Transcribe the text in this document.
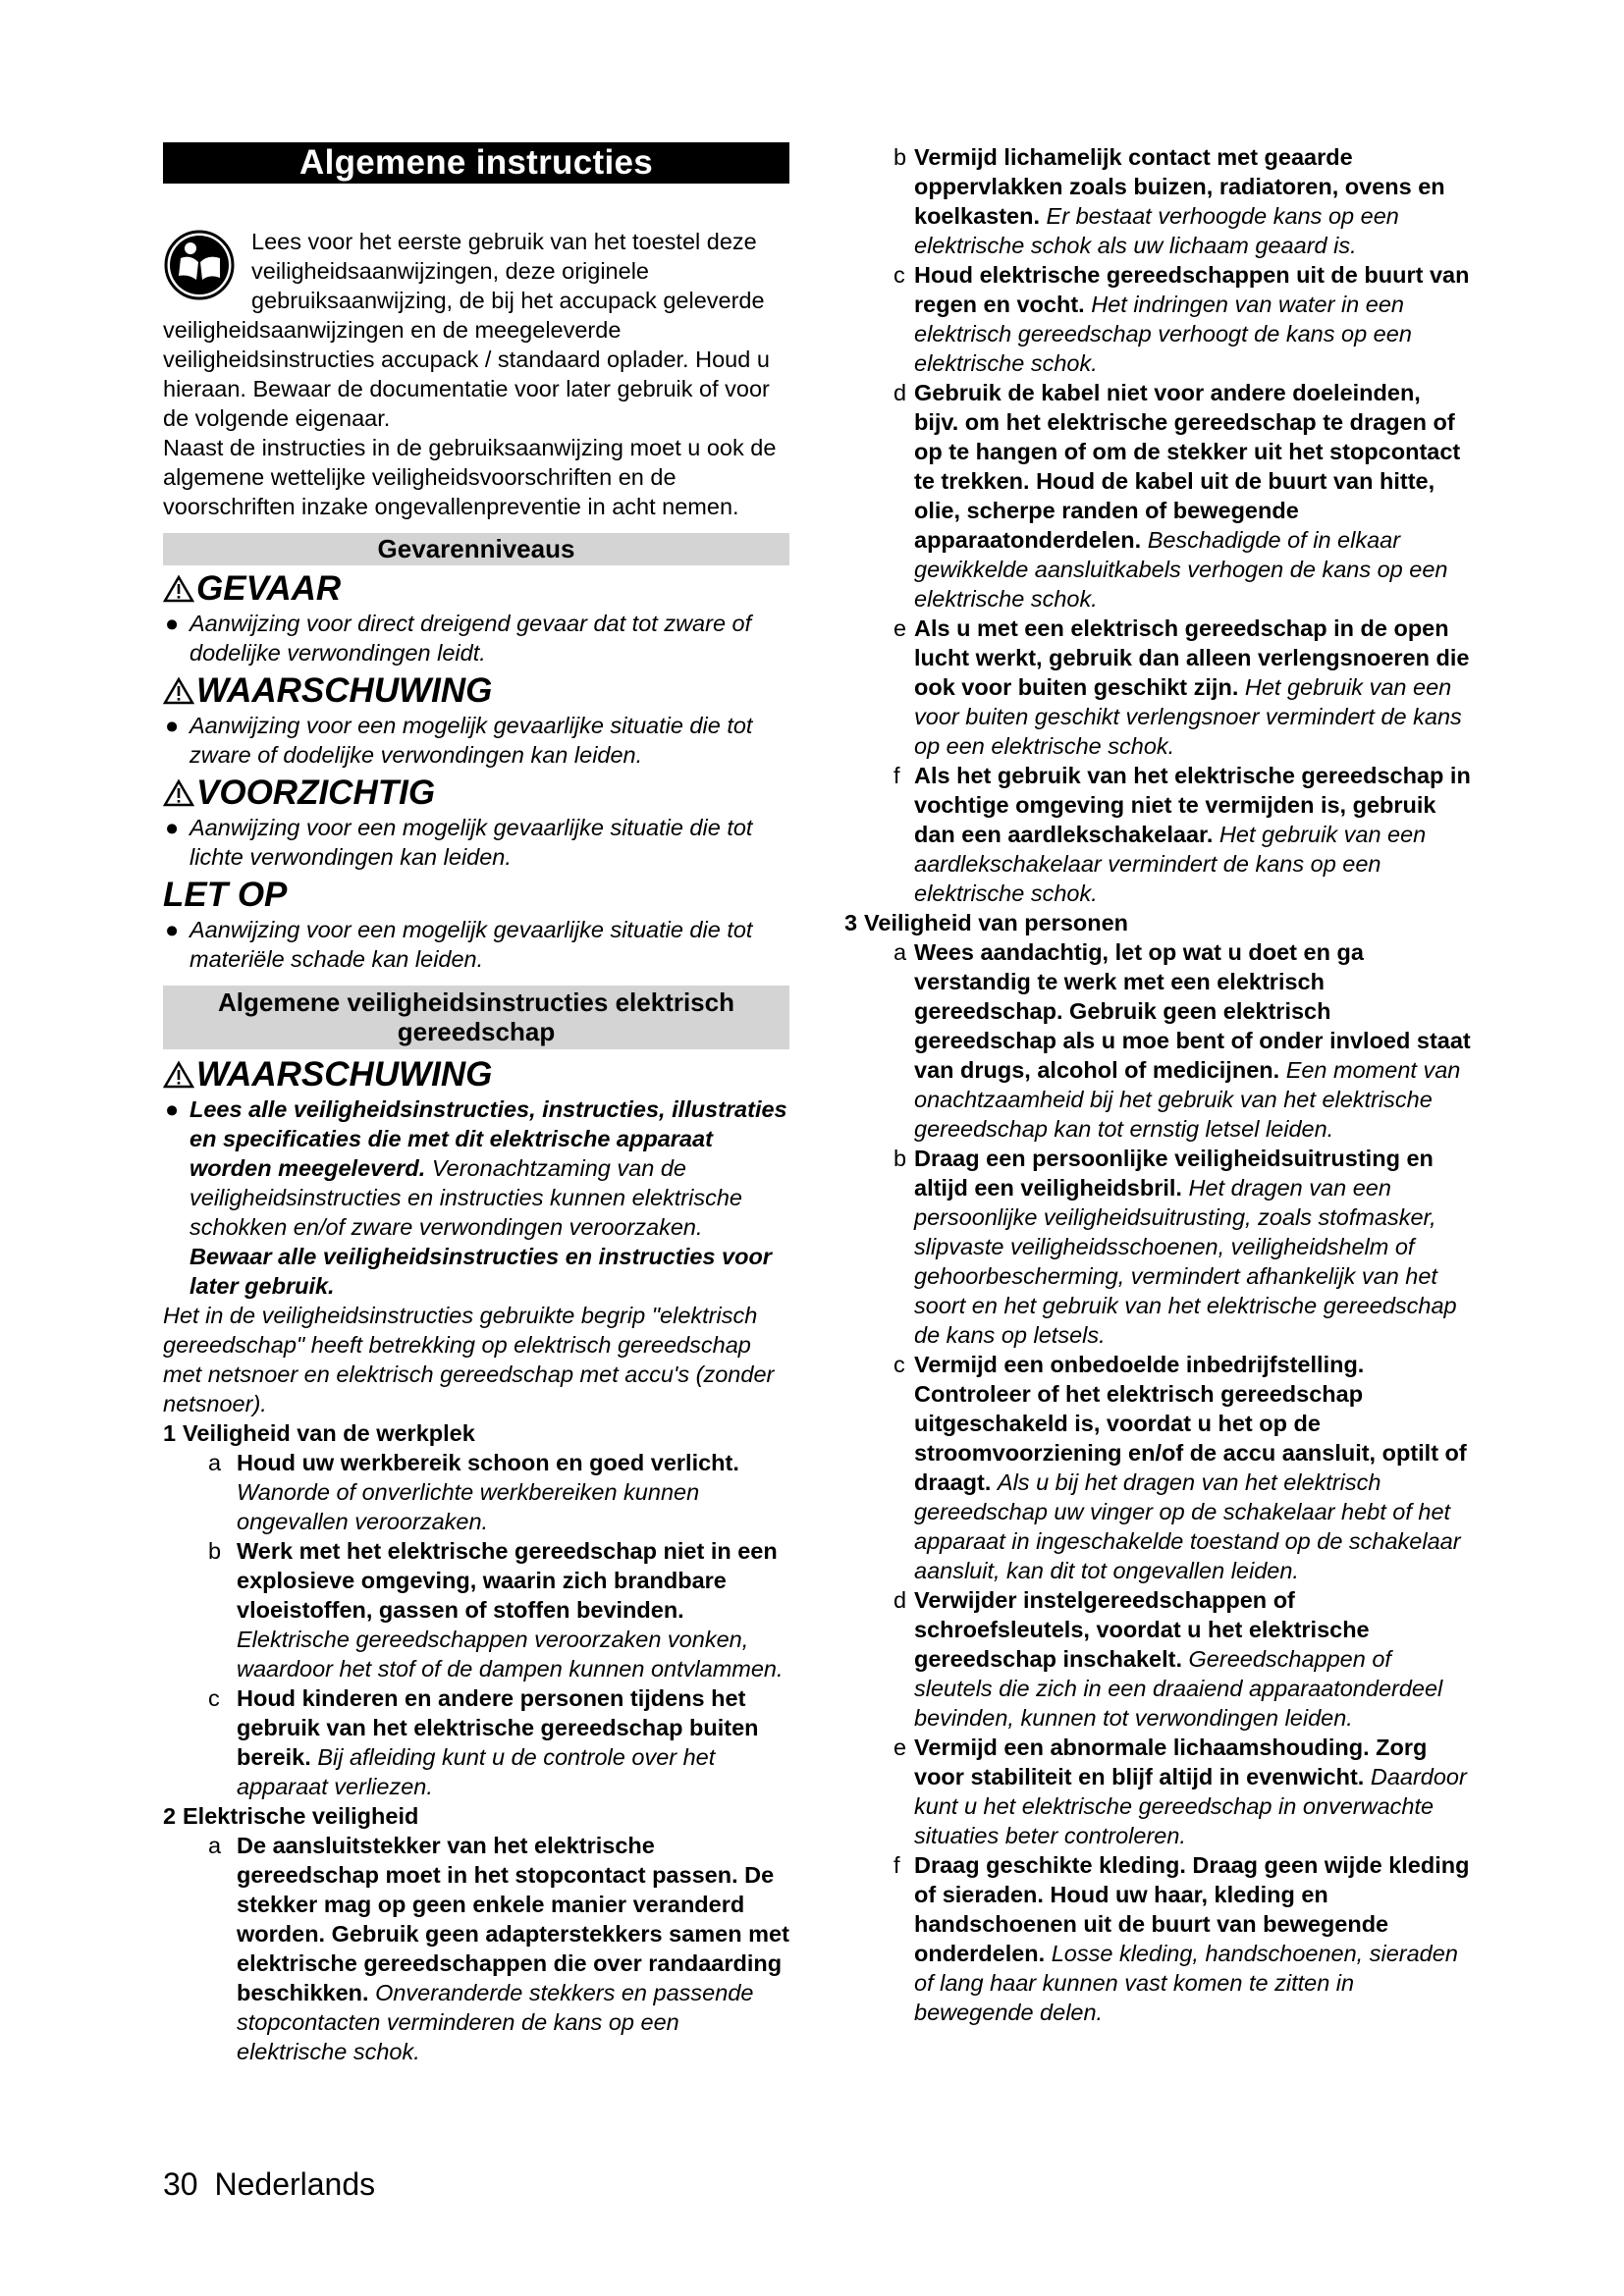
Algemene instructies

Lees voor het eerste gebruik van het toestel deze veiligheidsaanwijzingen, deze originele gebruiksaanwijzing, de bij het accupack geleverde veiligheidsaanwijzingen en de meegeleverde veiligheidsinstructies accupack / standaard oplader. Houd u hieraan. Bewaar de documentatie voor later gebruik of voor de volgende eigenaar.

Naast de instructies in de gebruiksaanwijzing moet u ook de algemene wettelijke veiligheidsvoorschriften en de voorschriften inzake ongevallenpreventie in acht nemen.

Gevarenniveaus
GEVAAR
● Aanwijzing voor direct dreigend gevaar dat tot zware of dodelijke verwondingen leidt.
WAARSCHUWING
● Aanwijzing voor een mogelijk gevaarlijke situatie die tot zware of dodelijke verwondingen kan leiden.
VOORZICHTIG
● Aanwijzing voor een mogelijk gevaarlijke situatie die tot lichte verwondingen kan leiden.
LET OP
● Aanwijzing voor een mogelijk gevaarlijke situatie die tot materiële schade kan leiden.
Algemene veiligheidsinstructies elektrisch gereedschap
WAARSCHUWING
● Lees alle veiligheidsinstructies, instructies, illustraties en specificaties die met dit elektrische apparaat worden meegeleverd. Veronachtzaming van de veiligheidsinstructies en instructies kunnen elektrische schokken en/of zware verwondingen veroorzaken. Bewaar alle veiligheidsinstructies en instructies voor later gebruik.

Het in de veiligheidsinstructies gebruikte begrip "elektrisch gereedschap" heeft betrekking op elektrisch gereedschap met netsnoer en elektrisch gereedschap met accu's (zonder netsnoer).

1 Veiligheid van de werkplek
a Houd uw werkbereik schoon en goed verlicht. Wanorde of onverlichte werkbereiken kunnen ongevallen veroorzaken.
b Werk met het elektrische gereedschap niet in een explosieve omgeving, waarin zich brandbare vloeistoffen, gassen of stoffen bevinden. Elektrische gereedschappen veroorzaken vonken, waardoor het stof of de dampen kunnen ontvlammen.
c Houd kinderen en andere personen tijdens het gebruik van het elektrische gereedschap buiten bereik. Bij afleiding kunt u de controle over het apparaat verliezen.
2 Elektrische veiligheid
a De aansluitstekker van het elektrische gereedschap moet in het stopcontact passen. De stekker mag op geen enkele manier veranderd worden. Gebruik geen adapterstekkers samen met elektrische gereedschappen die over randaarding beschikken. Onveranderde stekkers en passende stopcontacten verminderen de kans op een elektrische schok.
b Vermijd lichamelijk contact met geaarde oppervlakken zoals buizen, radiatoren, ovens en koelkasten. Er bestaat verhoogde kans op een elektrische schok als uw lichaam geaard is.
c Houd elektrische gereedschappen uit de buurt van regen en vocht. Het indringen van water in een elektrisch gereedschap verhoogt de kans op een elektrische schok.
d Gebruik de kabel niet voor andere doeleinden, bijv. om het elektrische gereedschap te dragen of op te hangen of om de stekker uit het stopcontact te trekken. Houd de kabel uit de buurt van hitte, olie, scherpe randen of bewegende apparaatonderdelen. Beschadigde of in elkaar gewikkelde aansluitkabels verhogen de kans op een elektrische schok.
e Als u met een elektrisch gereedschap in de open lucht werkt, gebruik dan alleen verlengsnoeren die ook voor buiten geschikt zijn. Het gebruik van een voor buiten geschikt verlengsnoer vermindert de kans op een elektrische schok.
f Als het gebruik van het elektrische gereedschap in vochtige omgeving niet te vermijden is, gebruik dan een aardlekschakelaar. Het gebruik van een aardlekschakelaar vermindert de kans op een elektrische schok.
3 Veiligheid van personen
a Wees aandachtig, let op wat u doet en ga verstandig te werk met een elektrisch gereedschap. Gebruik geen elektrisch gereedschap als u moe bent of onder invloed staat van drugs, alcohol of medicijnen. Een moment van onachtzaamheid bij het gebruik van het elektrische gereedschap kan tot ernstig letsel leiden.
b Draag een persoonlijke veiligheidsuitrusting en altijd een veiligheidsbril. Het dragen van een persoonlijke veiligheidsuitrusting, zoals stofmasker, slipvaste veiligheidsschoenen, veiligheidshelm of gehoorbescherming, vermindert afhankelijk van het soort en het gebruik van het elektrische gereedschap de kans op letsels.
c Vermijd een onbedoelde inbedrijfstelling. Controleer of het elektrisch gereedschap uitgeschakeld is, voordat u het op de stroomvoorziening en/of de accu aansluit, optilt of draagt. Als u bij het dragen van het elektrisch gereedschap uw vinger op de schakelaar hebt of het apparaat in ingeschakelde toestand op de schakelaar aansluit, kan dit tot ongevallen leiden.
d Verwijder instelgereedschappen of schroefsleutels, voordat u het elektrische gereedschap inschakelt. Gereedschappen of sleutels die zich in een draaiend apparaatonderdeel bevinden, kunnen tot verwondingen leiden.
e Vermijd een abnormale lichaamshouding. Zorg voor stabiliteit en blijf altijd in evenwicht. Daardoor kunt u het elektrische gereedschap in onverwachte situaties beter controleren.
f Draag geschikte kleding. Draag geen wijde kleding of sieraden. Houd uw haar, kleding en handschoenen uit de buurt van bewegende onderdelen. Losse kleding, handschoenen, sieraden of lang haar kunnen vast komen te zitten in bewegende delen.
30 Nederlands
